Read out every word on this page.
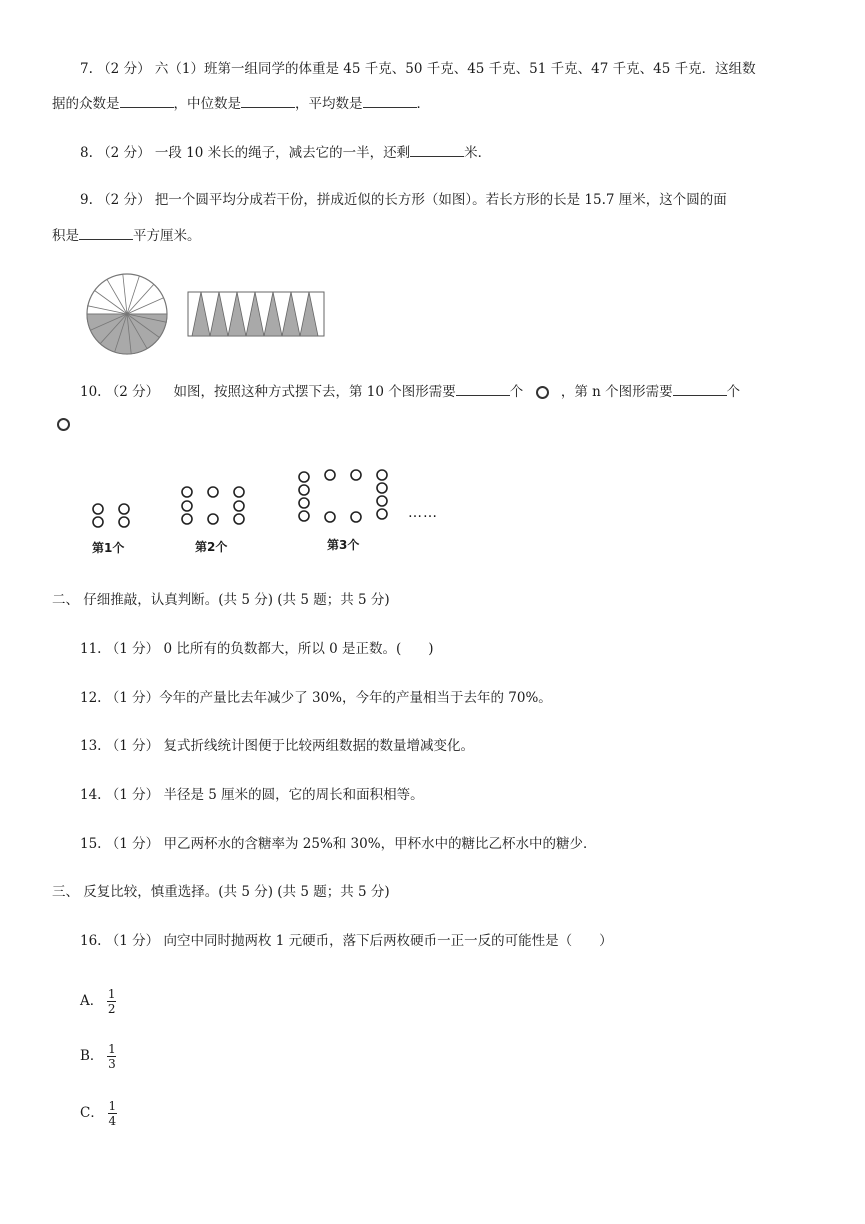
7. （2 分） 六（1）班第一组同学的体重是 45 千克、50 千克、45 千克、51 千克、47 千克、45 千克．这组数
据的众数是	，中位数是	，平均数是	．
8. （2 分） 一段 10 米长的绳子，减去它的一半，还剩	米．
9. （2 分） 把一个圆平均分成若干份，拼成近似的长方形（如图）。若长方形的长是 15.7 厘米，这个圆的面
积是	平方厘米。
10. （2 分） 如图，按照这种方式摆下去，第 10 个图形需要	个	，第 n 个图形需要	个
……
第1个	第2个	第3个
二、 仔细推敲，认真判断。(共 5 分) (共 5 题；共 5 分)
11. （1 分） 0 比所有的负数都大，所以 0 是正数。(　　)
12. （1 分）今年的产量比去年减少了 30%，今年的产量相当于去年的 70%。
13. （1 分） 复式折线统计图便于比较两组数据的数量增减变化。
14. （1 分） 半径是 5 厘米的圆，它的周长和面积相等。
15. （1 分） 甲乙两杯水的含糖率为 25%和 30%，甲杯水中的糖比乙杯水中的糖少．
三、 反复比较，慎重选择。(共 5 分) (共 5 题；共 5 分)
16. （1 分） 向空中同时抛两枚 1 元硬币，落下后两枚硬币一正一反的可能性是（　　）
A． $\frac{1}{2}$
B． $\frac{1}{3}$
C． $\frac{1}{4}$
